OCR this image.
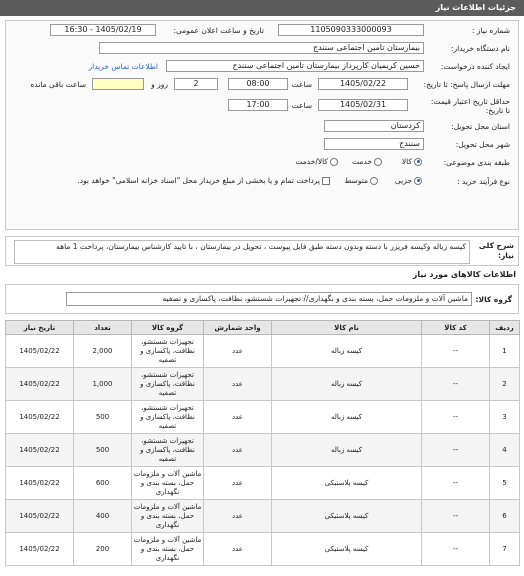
جزئیات اطلاعات نیاز
شماره نیاز :
1105090333000093
تاریخ و ساعت اعلان عمومی:
1405/02/19 - 16:30
نام دستگاه خریدار:
بیمارستان تامین اجتماعی سنندج
ایجاد کننده درخواست:
حسین کریمیان کارپرداز بیمارستان تامین اجتماعی سنندج
اطلاعات تماس خریدار
مهلت ارسال پاسخ: تا تاریخ:
1405/02/22
ساعت
08:00
2
روز و
ساعت باقی مانده
حداقل تاریخ اعتبار قیمت: تا تاریخ:
1405/02/31
ساعت
17:00
استان محل تحویل:
کردستان
شهر محل تحویل:
سنندج
طبقه بندی موضوعی:
کالا
خدمت
کالا/خدمت
نوع فرآیند خرید :
جزیی
متوسط
پرداخت تمام و یا بخشی از مبلغ خریداز محل "اسناد خزانه اسلامی" خواهد بود.
شرح کلی نیاز:
کیسه زباله وکیسه فریزر با دسته وبدون دسته طبق فایل پیوست ، تحویل در بیمارستان ، با تایید کارشناس بیمارستان، پرداخت 1 ماهه
اطلاعات کالاهای مورد نیاز
گروه کالا:
ماشین آلات و ملزومات حمل، بسته بندی و نگهداری// تجهیزات شستشو، نظافت، پاکسازی و تصفیه
ردیف	کد کالا	نام کالا	واحد شمارش	گروه کالا	تعداد	تاریخ نیاز
1	--	کیسه زباله	عدد	تجهیزات شستشو، نظافت، پاکسازی و تصفیه	2,000	1405/02/22
2	--	کیسه زباله	عدد	تجهیزات شستشو، نظافت، پاکسازی و تصفیه	1,000	1405/02/22
3	--	کیسه زباله	عدد	تجهیزات شستشو، نظافت، پاکسازی و تصفیه	500	1405/02/22
4	--	کیسه زباله	عدد	تجهیزات شستشو، نظافت، پاکسازی و تصفیه	500	1405/02/22
5	--	کیسه پلاستیکی	عدد	ماشین آلات و ملزومات حمل، بسته بندی و نگهداری	600	1405/02/22
6	--	کیسه پلاستیکی	عدد	ماشین آلات و ملزومات حمل، بسته بندی و نگهداری	400	1405/02/22
7	--	کیسه پلاستیکی	عدد	ماشین آلات و ملزومات حمل، بسته بندی و نگهداری	200	1405/02/22
